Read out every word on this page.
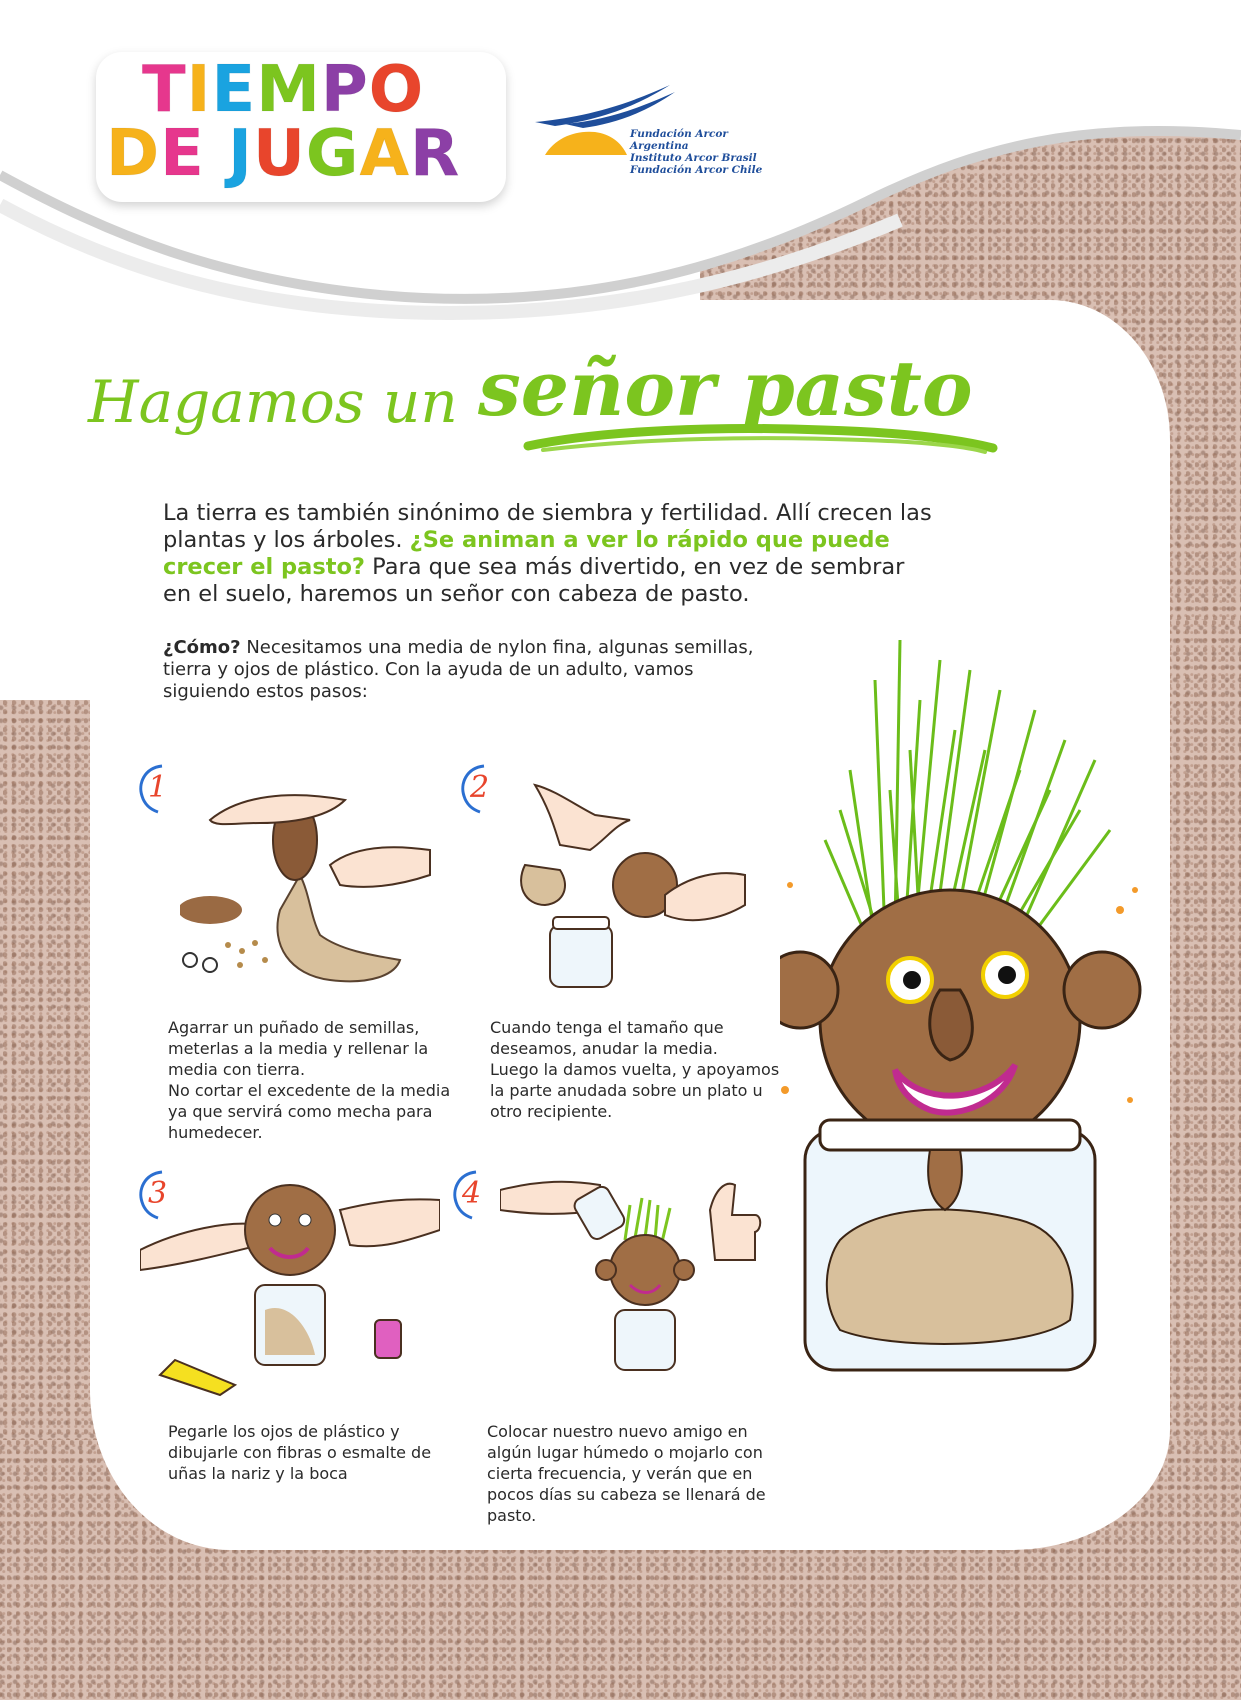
TIEMPO
DE JUGAR	Fundación Arcor Argentina
Instituto Arcor Brasil
Fundación Arcor Chile
Hagamos un señor pasto
La tierra es también sinónimo de siembra y fertilidad. Allí crecen las plantas y los árboles. ¿Se animan a ver lo rápido que puede crecer el pasto? Para que sea más divertido, en vez de sembrar en el suelo, haremos un señor con cabeza de pasto.
¿Cómo? Necesitamos una media de nylon fina, algunas semillas, tierra y ojos de plástico. Con la ayuda de un adulto, vamos siguiendo estos pasos:
1	2
3	4
Agarrar un puñado de semillas, meterlas a la media y rellenar la media con tierra.
No cortar el excedente de la media ya que servirá como mecha para humedecer.
Cuando tenga el tamaño que deseamos, anudar la media.
Luego la damos vuelta, y apoyamos la parte anudada sobre un plato u otro recipiente.
Pegarle los ojos de plástico y dibujarle con fibras o esmalte de uñas la nariz y la boca
Colocar nuestro nuevo amigo en algún lugar húmedo o mojarlo con cierta frecuencia, y verán que en pocos días su cabeza se llenará de pasto.
